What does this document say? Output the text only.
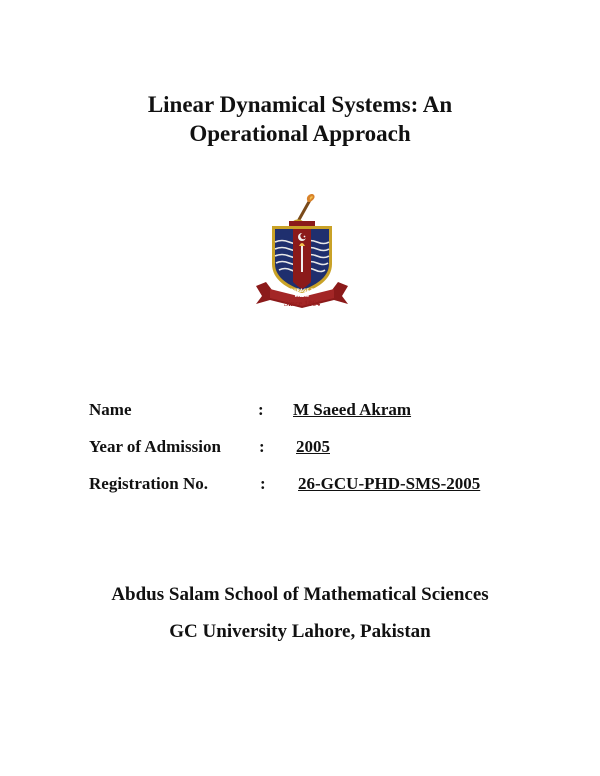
Linear Dynamical Systems: An
Operational Approach
COURAGE TO KNOW
Since 1864
Name	: M Saeed Akram
Year of Admission : 2005
Registration No.	: 26-GCU-PHD-SMS-2005
Abdus Salam School of Mathematical Sciences
GC University Lahore, Pakistan
